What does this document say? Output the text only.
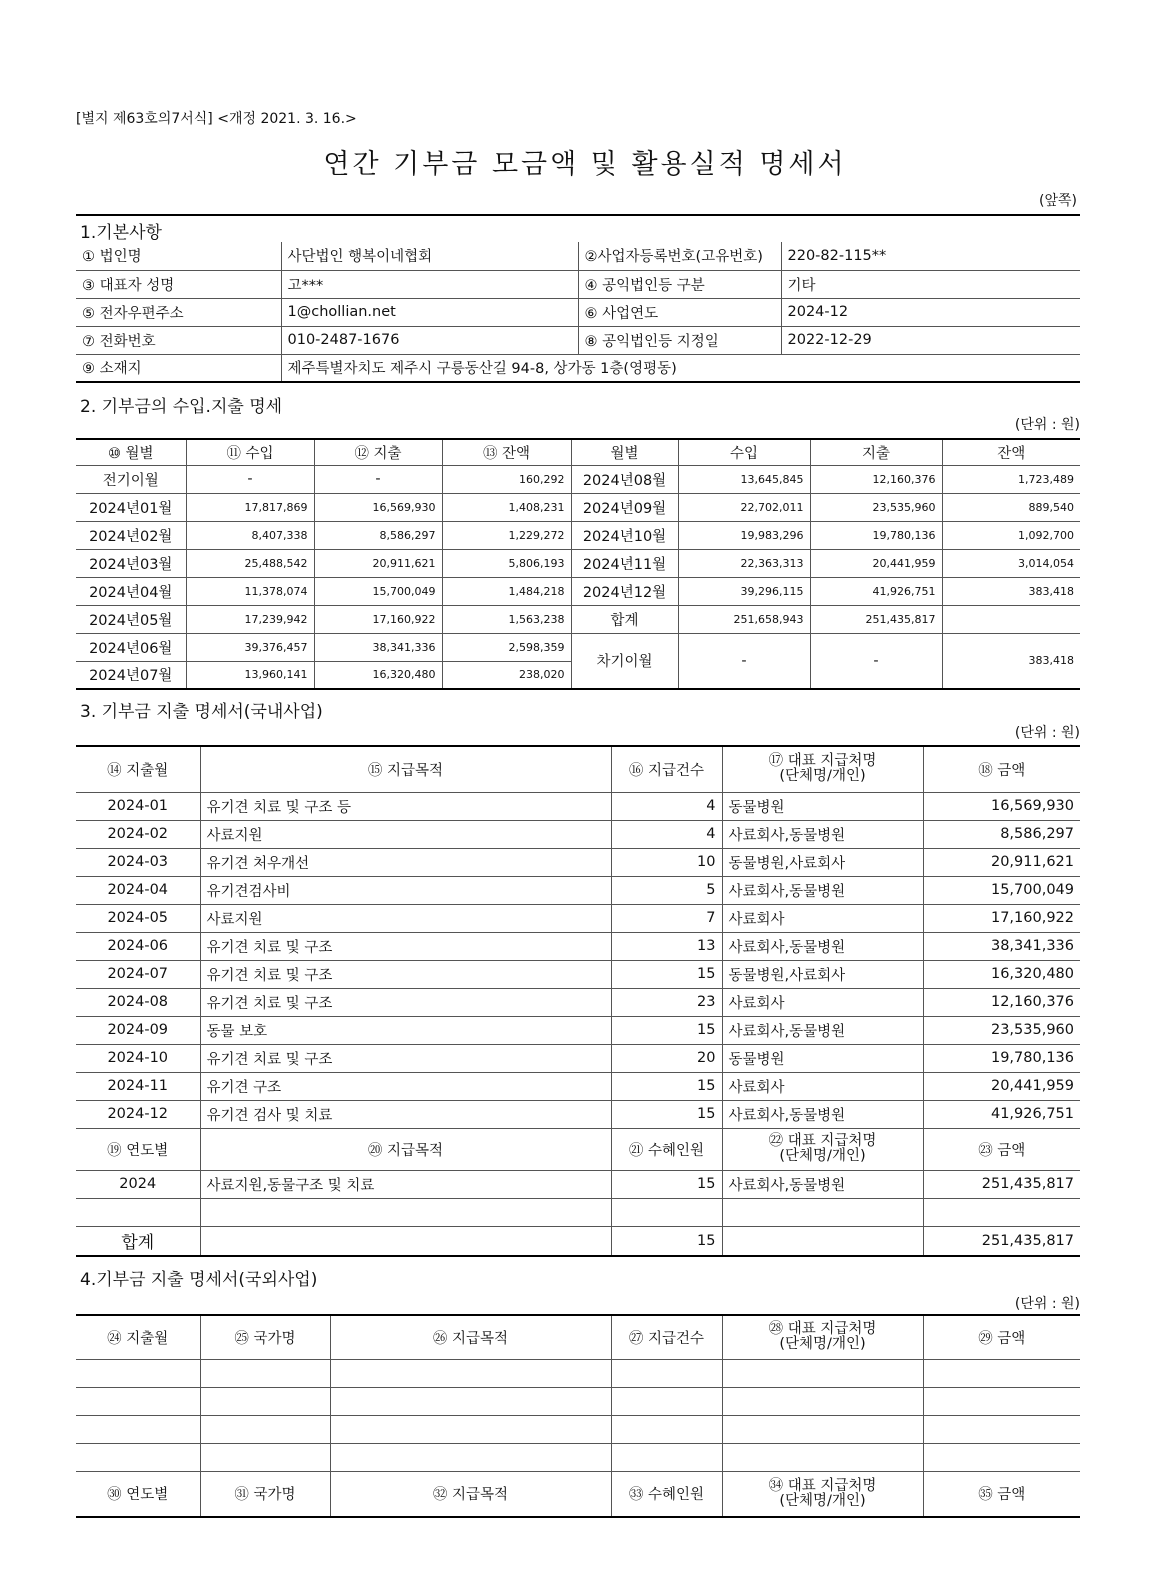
[별지 제63호의7서식] <개정 2021. 3. 16.>
연간 기부금 모금액 및 활용실적 명세서
(앞쪽)
1.기본사항
① 법인명	사단법인 행복이네협회	②사업자등록번호(고유번호)	220-82-115**
③ 대표자 성명	고***	④ 공익법인등 구분	기타
⑤ 전자우편주소	1@chollian.net	⑥ 사업연도	2024-12
⑦ 전화번호	010-2487-1676	⑧ 공익법인등 지정일	2022-12-29
⑨ 소재지	제주특별자치도 제주시 구릉동산길 94-8, 상가동 1층(영평동)		
2. 기부금의 수입.지출 명세
(단위 : 원)
⑩ 월별	⑪ 수입	⑫ 지출	⑬ 잔액	월별	수입	지출	잔액
전기이월	-	-	160,292	2024년08월	13,645,845	12,160,376	1,723,489
2024년01월	17,817,869	16,569,930	1,408,231	2024년09월	22,702,011	23,535,960	889,540
2024년02월	8,407,338	8,586,297	1,229,272	2024년10월	19,983,296	19,780,136	1,092,700
2024년03월	25,488,542	20,911,621	5,806,193	2024년11월	22,363,313	20,441,959	3,014,054
2024년04월	11,378,074	15,700,049	1,484,218	2024년12월	39,296,115	41,926,751	383,418
2024년05월	17,239,942	17,160,922	1,563,238	합계	251,658,943	251,435,817	
2024년06월	39,376,457	38,341,336	2,598,359	차기이월	-	-	383,418
2024년07월	13,960,141	16,320,480	238,020				
3. 기부금 지출 명세서(국내사업)
(단위 : 원)
⑭ 지출월	⑮ 지급목적	⑯ 지급건수	⑰ 대표 지급처명
(단체명/개인)	⑱ 금액
2024-01	유기견 치료 및 구조 등	4	동물병원	16,569,930
2024-02	사료지원	4	사료회사,동물병원	8,586,297
2024-03	유기견 처우개선	10	동물병원,사료회사	20,911,621
2024-04	유기견검사비	5	사료회사,동물병원	15,700,049
2024-05	사료지원	7	사료회사	17,160,922
2024-06	유기견 치료 및 구조	13	사료회사,동물병원	38,341,336
2024-07	유기견 치료 및 구조	15	동물병원,사료회사	16,320,480
2024-08	유기견 치료 및 구조	23	사료회사	12,160,376
2024-09	동물 보호	15	사료회사,동물병원	23,535,960
2024-10	유기견 치료 및 구조	20	동물병원	19,780,136
2024-11	유기견 구조	15	사료회사	20,441,959
2024-12	유기견 검사 및 치료	15	사료회사,동물병원	41,926,751
⑲ 연도별	⑳ 지급목적	㉑ 수혜인원	㉒ 대표 지급처명
(단체명/개인)	㉓ 금액
2024	사료지원,동물구조 및 치료	15	사료회사,동물병원	251,435,817

합계		15		251,435,817
4.기부금 지출 명세서(국외사업)
(단위 : 원)
㉔ 지출월	㉕ 국가명	㉖ 지급목적	㉗ 지급건수	㉘ 대표 지급처명
(단체명/개인)	㉙ 금액

㉚ 연도별	㉛ 국가명	㉜ 지급목적	㉝ 수혜인원	㉞ 대표 지급처명
(단체명/개인)	㉟ 금액
